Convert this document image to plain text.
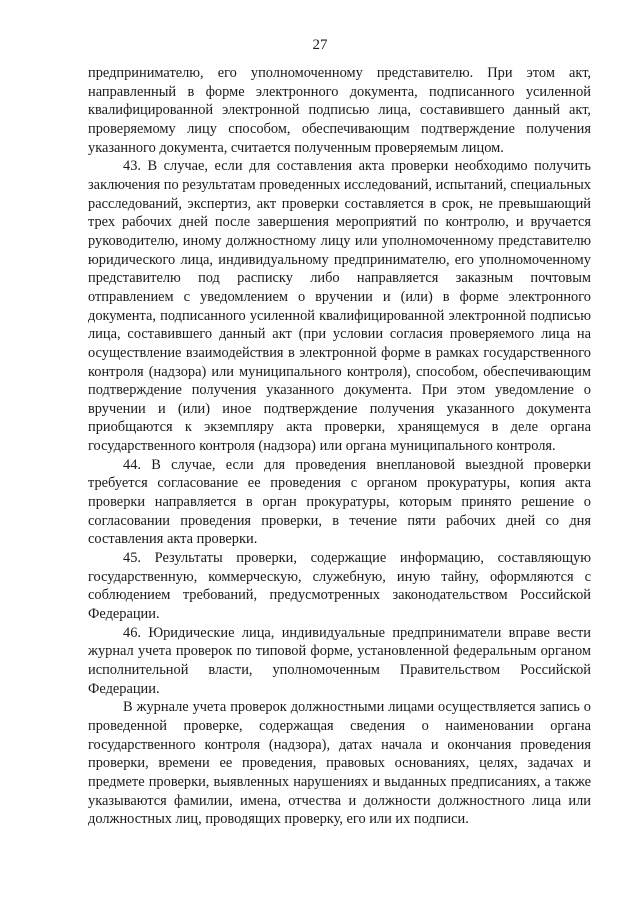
27

предпринимателю, его уполномоченному представителю. При этом акт, направленный в форме электронного документа, подписанного усиленной квалифицированной электронной подписью лица, составившего данный акт, проверяемому лицу способом, обеспечивающим подтверждение получения указанного документа, считается полученным проверяемым лицом.

43. В случае, если для составления акта проверки необходимо получить заключения по результатам проведенных исследований, испытаний, специальных расследований, экспертиз, акт проверки составляется в срок, не превышающий трех рабочих дней после завершения мероприятий по контролю, и вручается руководителю, иному должностному лицу или уполномоченному представителю юридического лица, индивидуальному предпринимателю, его уполномоченному представителю под расписку либо направляется заказным почтовым отправлением с уведомлением о вручении и (или) в форме электронного документа, подписанного усиленной квалифицированной электронной подписью лица, составившего данный акт (при условии согласия проверяемого лица на осуществление взаимодействия в электронной форме в рамках государственного контроля (надзора) или муниципального контроля), способом, обеспечивающим подтверждение получения указанного документа. При этом уведомление о вручении и (или) иное подтверждение получения указанного документа приобщаются к экземпляру акта проверки, хранящемуся в деле органа государственного контроля (надзора) или органа муниципального контроля.

44. В случае, если для проведения внеплановой выездной проверки требуется согласование ее проведения с органом прокуратуры, копия акта проверки направляется в орган прокуратуры, которым принято решение о согласовании проведения проверки, в течение пяти рабочих дней со дня составления акта проверки.

45. Результаты проверки, содержащие информацию, составляющую государственную, коммерческую, служебную, иную тайну, оформляются с соблюдением требований, предусмотренных законодательством Российской Федерации.

46. Юридические лица, индивидуальные предприниматели вправе вести журнал учета проверок по типовой форме, установленной федеральным органом исполнительной власти, уполномоченным Правительством Российской Федерации.

В журнале учета проверок должностными лицами осуществляется запись о проведенной проверке, содержащая сведения о наименовании органа государственного контроля (надзора), датах начала и окончания проведения проверки, времени ее проведения, правовых основаниях, целях, задачах и предмете проверки, выявленных нарушениях и выданных предписаниях, а также указываются фамилии, имена, отчества и должности должностного лица или должностных лиц, проводящих проверку, его или их подписи.
